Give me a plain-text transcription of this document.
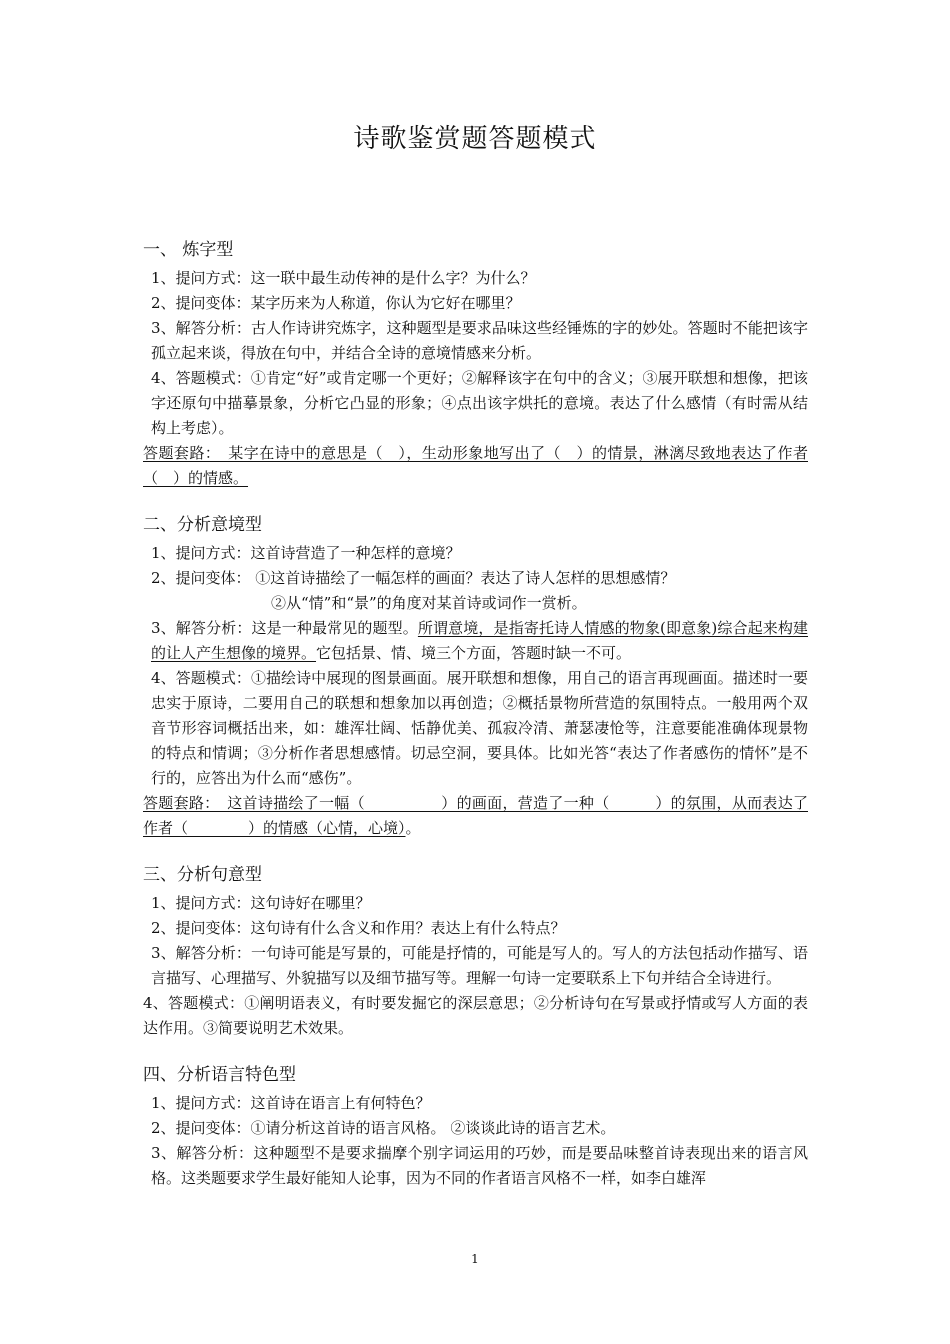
诗歌鉴赏题答题模式
一、 炼字型

1、提问方式：这一联中最生动传神的是什么字？为什么？

2、提问变体：某字历来为人称道，你认为它好在哪里？

3、解答分析：古人作诗讲究炼字，这种题型是要求品味这些经锤炼的字的妙处。答题时不能把该字孤立起来谈，得放在句中，并结合全诗的意境情感来分析。

4、答题模式：①肯定“好”或肯定哪一个更好；②解释该字在句中的含义；③展开联想和想像，把该字还原句中描摹景象，分析它凸显的形象；④点出该字烘托的意境。表达了什么感情（有时需从结构上考虑）。

答题套路：　某字在诗中的意思是（　），生动形象地写出了（　）的情景，淋漓尽致地表达了作者（　）的情感。

二、分析意境型

1、提问方式：这首诗营造了一种怎样的意境？

2、提问变体： ①这首诗描绘了一幅怎样的画面？表达了诗人怎样的思想感情？

②从“情”和“景”的角度对某首诗或词作一赏析。

3、解答分析：这是一种最常见的题型。所谓意境，是指寄托诗人情感的物象(即意象)综合起来构建的让人产生想像的境界。它包括景、情、境三个方面，答题时缺一不可。

4、答题模式：①描绘诗中展现的图景画面。展开联想和想像，用自己的语言再现画面。描述时一要忠实于原诗，二要用自己的联想和想象加以再创造；②概括景物所营造的氛围特点。一般用两个双音节形容词概括出来，如：雄浑壮阔、恬静优美、孤寂冷清、萧瑟凄怆等，注意要能准确体现景物的特点和情调；③分析作者思想感情。切忌空洞，要具体。比如光答“表达了作者感伤的情怀”是不行的，应答出为什么而“感伤”。

答题套路：　这首诗描绘了一幅（　　　　　）的画面，营造了一种（　　　）的氛围，从而表达了作者（　　　　）的情感（心情，心境）。

三、分析句意型

1、提问方式：这句诗好在哪里？

2、提问变体：这句诗有什么含义和作用？表达上有什么特点？

3、解答分析：一句诗可能是写景的，可能是抒情的，可能是写人的。写人的方法包括动作描写、语言描写、心理描写、外貌描写以及细节描写等。理解一句诗一定要联系上下句并结合全诗进行。

4、答题模式：①阐明语表义，有时要发掘它的深层意思；②分析诗句在写景或抒情或写人方面的表达作用。③简要说明艺术效果。

四、分析语言特色型

1、提问方式：这首诗在语言上有何特色？

2、提问变体：①请分析这首诗的语言风格。 ②谈谈此诗的语言艺术。

3、解答分析：这种题型不是要求揣摩个别字词运用的巧妙，而是要品味整首诗表现出来的语言风格。这类题要求学生最好能知人论事，因为不同的作者语言风格不一样，如李白雄浑

1
